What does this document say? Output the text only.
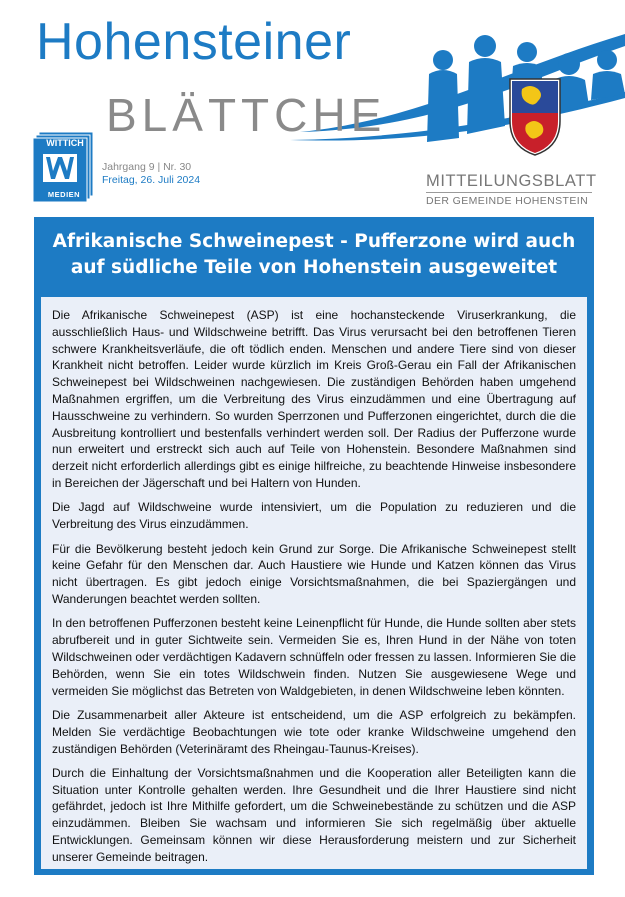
Hohensteiner
BLÄTTCHE
WITTICH
MEDIEN
Jahrgang 9 | Nr. 30
Freitag, 26. Juli 2024	MITTEILUNGSBLATT
DER GEMEINDE HOHENSTEIN
Afrikanische Schweinepest - Pufferzone wird auch
auf südliche Teile von Hohenstein ausgeweitet

Die Afrikanische Schweinepest (ASP) ist eine hochansteckende Viruserkrankung, die ausschließlich Haus- und Wildschweine betrifft. Das Virus verursacht bei den betroffenen Tieren schwere Krankheitsverläufe, die oft tödlich enden. Menschen und andere Tiere sind von dieser Krankheit nicht betroffen. Leider wurde kürzlich im Kreis Groß-Gerau ein Fall der Afrikanischen Schweinepest bei Wildschweinen nachgewiesen. Die zuständigen Behörden haben umgehend Maßnahmen ergriffen, um die Verbreitung des Virus einzudämmen und eine Übertragung auf Hausschweine zu verhindern. So wurden Sperrzonen und Pufferzonen eingerichtet, durch die die Ausbreitung kontrolliert und bestenfalls verhindert werden soll. Der Radius der Pufferzone wurde nun erweitert und erstreckt sich auch auf Teile von Hohenstein. Besondere Maßnahmen sind derzeit nicht erforderlich allerdings gibt es einige hilfreiche, zu beachtende Hinweise insbesondere in Bereichen der Jägerschaft und bei Haltern von Hunden.

Die Jagd auf Wildschweine wurde intensiviert, um die Population zu reduzieren und die Verbreitung des Virus einzudämmen.

Für die Bevölkerung besteht jedoch kein Grund zur Sorge. Die Afrikanische Schweinepest stellt keine Gefahr für den Menschen dar. Auch Haustiere wie Hunde und Katzen können das Virus nicht übertragen. Es gibt jedoch einige Vorsichtsmaßnahmen, die bei Spaziergängen und Wanderungen beachtet werden sollten.

In den betroffenen Pufferzonen besteht keine Leinenpflicht für Hunde, die Hunde sollten aber stets abrufbereit und in guter Sichtweite sein. Vermeiden Sie es, Ihren Hund in der Nähe von toten Wildschweinen oder verdächtigen Kadavern schnüffeln oder fressen zu lassen. Informieren Sie die Behörden, wenn Sie ein totes Wildschwein finden. Nutzen Sie ausgewiesene Wege und vermeiden Sie möglichst das Betreten von Waldgebieten, in denen Wildschweine leben könnten.

Die Zusammenarbeit aller Akteure ist entscheidend, um die ASP erfolgreich zu bekämpfen. Melden Sie verdächtige Beobachtungen wie tote oder kranke Wildschweine umgehend den zuständigen Behörden (Veterinäramt des Rheingau-Taunus-Kreises).

Durch die Einhaltung der Vorsichtsmaßnahmen und die Kooperation aller Beteiligten kann die Situation unter Kontrolle gehalten werden. Ihre Gesundheit und die Ihrer Haustiere sind nicht gefährdet, jedoch ist Ihre Mithilfe gefordert, um die Schweinebestände zu schützen und die ASP einzudämmen. Bleiben Sie wachsam und informieren Sie sich regelmäßig über aktuelle Entwicklungen. Gemeinsam können wir diese Herausforderung meistern und zur Sicherheit unserer Gemeinde beitragen.
